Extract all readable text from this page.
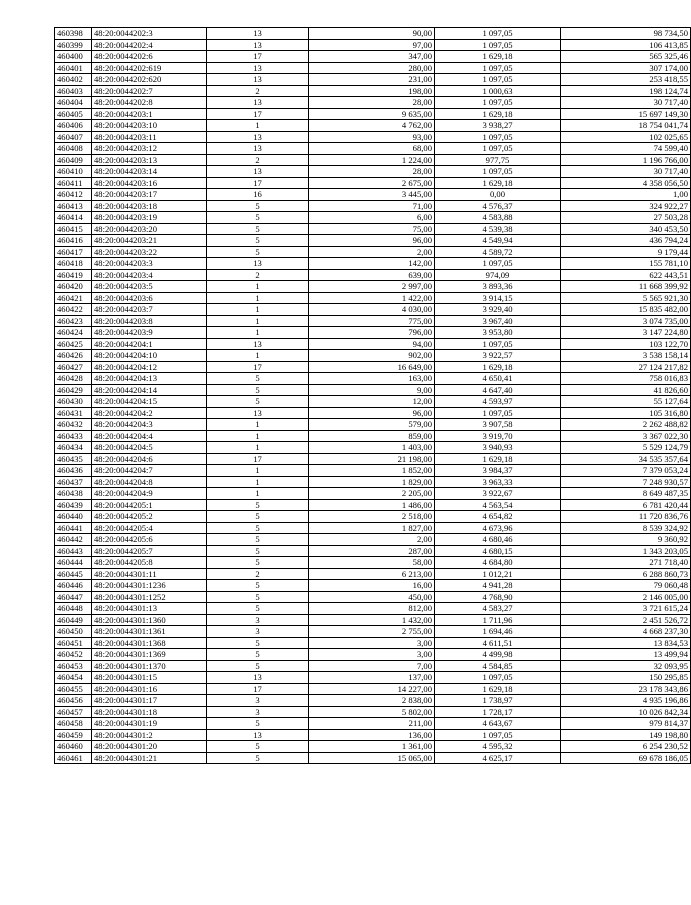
460398	48:20:0044202:3	13	90,00	1 097,05	98 734,50
460399	48:20:0044202:4	13	97,00	1 097,05	106 413,85
460400	48:20:0044202:6	17	347,00	1 629,18	565 325,46
460401	48:20:0044202:619	13	280,00	1 097,05	307 174,00
460402	48:20:0044202:620	13	231,00	1 097,05	253 418,55
460403	48:20:0044202:7	2	198,00	1 000,63	198 124,74
460404	48:20:0044202:8	13	28,00	1 097,05	30 717,40
460405	48:20:0044203:1	17	9 635,00	1 629,18	15 697 149,30
460406	48:20:0044203:10	1	4 762,00	3 938,27	18 754 041,74
460407	48:20:0044203:11	13	93,00	1 097,05	102 025,65
460408	48:20:0044203:12	13	68,00	1 097,05	74 599,40
460409	48:20:0044203:13	2	1 224,00	977,75	1 196 766,00
460410	48:20:0044203:14	13	28,00	1 097,05	30 717,40
460411	48:20:0044203:16	17	2 675,00	1 629,18	4 358 056,50
460412	48:20:0044203:17	16	3 445,00	0,00	1,00
460413	48:20:0044203:18	5	71,00	4 576,37	324 922,27
460414	48:20:0044203:19	5	6,00	4 583,88	27 503,28
460415	48:20:0044203:20	5	75,00	4 539,38	340 453,50
460416	48:20:0044203:21	5	96,00	4 549,94	436 794,24
460417	48:20:0044203:22	5	2,00	4 589,72	9 179,44
460418	48:20:0044203:3	13	142,00	1 097,05	155 781,10
460419	48:20:0044203:4	2	639,00	974,09	622 443,51
460420	48:20:0044203:5	1	2 997,00	3 893,36	11 668 399,92
460421	48:20:0044203:6	1	1 422,00	3 914,15	5 565 921,30
460422	48:20:0044203:7	1	4 030,00	3 929,40	15 835 482,00
460423	48:20:0044203:8	1	775,00	3 967,40	3 074 735,00
460424	48:20:0044203:9	1	796,00	3 953,80	3 147 224,80
460425	48:20:0044204:1	13	94,00	1 097,05	103 122,70
460426	48:20:0044204:10	1	902,00	3 922,57	3 538 158,14
460427	48:20:0044204:12	17	16 649,00	1 629,18	27 124 217,82
460428	48:20:0044204:13	5	163,00	4 650,41	758 016,83
460429	48:20:0044204:14	5	9,00	4 647,40	41 826,60
460430	48:20:0044204:15	5	12,00	4 593,97	55 127,64
460431	48:20:0044204:2	13	96,00	1 097,05	105 316,80
460432	48:20:0044204:3	1	579,00	3 907,58	2 262 488,82
460433	48:20:0044204:4	1	859,00	3 919,70	3 367 022,30
460434	48:20:0044204:5	1	1 403,00	3 940,93	5 529 124,79
460435	48:20:0044204:6	17	21 198,00	1 629,18	34 535 357,64
460436	48:20:0044204:7	1	1 852,00	3 984,37	7 379 053,24
460437	48:20:0044204:8	1	1 829,00	3 963,33	7 248 930,57
460438	48:20:0044204:9	1	2 205,00	3 922,67	8 649 487,35
460439	48:20:0044205:1	5	1 486,00	4 563,54	6 781 420,44
460440	48:20:0044205:2	5	2 518,00	4 654,82	11 720 836,76
460441	48:20:0044205:4	5	1 827,00	4 673,96	8 539 324,92
460442	48:20:0044205:6	5	2,00	4 680,46	9 360,92
460443	48:20:0044205:7	5	287,00	4 680,15	1 343 203,05
460444	48:20:0044205:8	5	58,00	4 684,80	271 718,40
460445	48:20:0044301:11	2	6 213,00	1 012,21	6 288 860,73
460446	48:20:0044301:1236	5	16,00	4 941,28	79 060,48
460447	48:20:0044301:1252	5	450,00	4 768,90	2 146 005,00
460448	48:20:0044301:13	5	812,00	4 583,27	3 721 615,24
460449	48:20:0044301:1360	3	1 432,00	1 711,96	2 451 526,72
460450	48:20:0044301:1361	3	2 755,00	1 694,46	4 668 237,30
460451	48:20:0044301:1368	5	3,00	4 611,51	13 834,53
460452	48:20:0044301:1369	5	3,00	4 499,98	13 499,94
460453	48:20:0044301:1370	5	7,00	4 584,85	32 093,95
460454	48:20:0044301:15	13	137,00	1 097,05	150 295,85
460455	48:20:0044301:16	17	14 227,00	1 629,18	23 178 343,86
460456	48:20:0044301:17	3	2 838,00	1 738,97	4 935 196,86
460457	48:20:0044301:18	3	5 802,00	1 728,17	10 026 842,34
460458	48:20:0044301:19	5	211,00	4 643,67	979 814,37
460459	48:20:0044301:2	13	136,00	1 097,05	149 198,80
460460	48:20:0044301:20	5	1 361,00	4 595,32	6 254 230,52
460461	48:20:0044301:21	5	15 065,00	4 625,17	69 678 186,05
